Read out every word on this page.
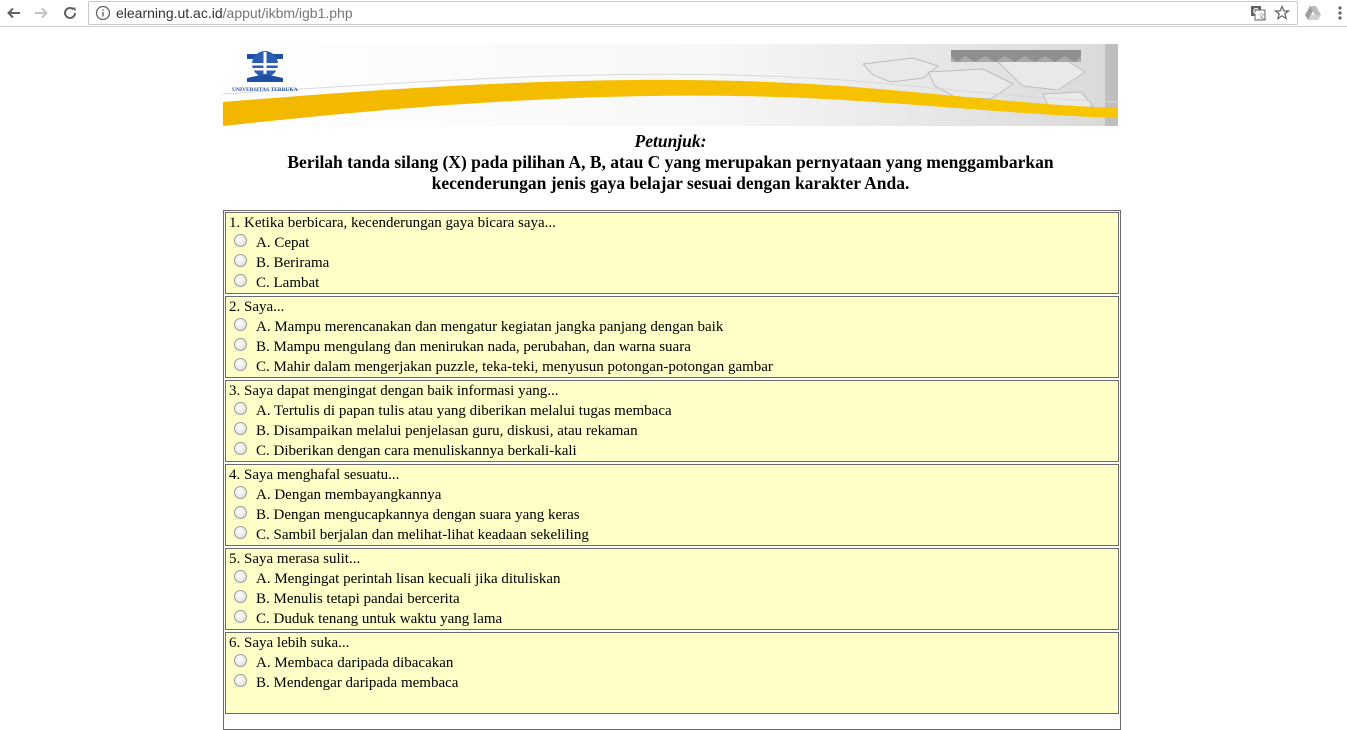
elearning.ut.ac.id/apput/ikbm/igb1.php	G
文
UNIVERSITAS TERBUKA
Petunjuk:
Berilah tanda silang (X) pada pilihan A, B, atau C yang merupakan pernyataan yang menggambarkan
kecenderungan jenis gaya belajar sesuai dengan karakter Anda.
1. Ketika berbicara, kecenderungan gaya bicara saya...
A. Cepat
B. Berirama
C. Lambat
2. Saya...
A. Mampu merencanakan dan mengatur kegiatan jangka panjang dengan baik
B. Mampu mengulang dan menirukan nada, perubahan, dan warna suara
C. Mahir dalam mengerjakan puzzle, teka-teki, menyusun potongan-potongan gambar
3. Saya dapat mengingat dengan baik informasi yang...
A. Tertulis di papan tulis atau yang diberikan melalui tugas membaca
B. Disampaikan melalui penjelasan guru, diskusi, atau rekaman
C. Diberikan dengan cara menuliskannya berkali-kali
4. Saya menghafal sesuatu...
A. Dengan membayangkannya
B. Dengan mengucapkannya dengan suara yang keras
C. Sambil berjalan dan melihat-lihat keadaan sekeliling
5. Saya merasa sulit...
A. Mengingat perintah lisan kecuali jika dituliskan
B. Menulis tetapi pandai bercerita
C. Duduk tenang untuk waktu yang lama
6. Saya lebih suka...
A. Membaca daripada dibacakan
B. Mendengar daripada membaca
